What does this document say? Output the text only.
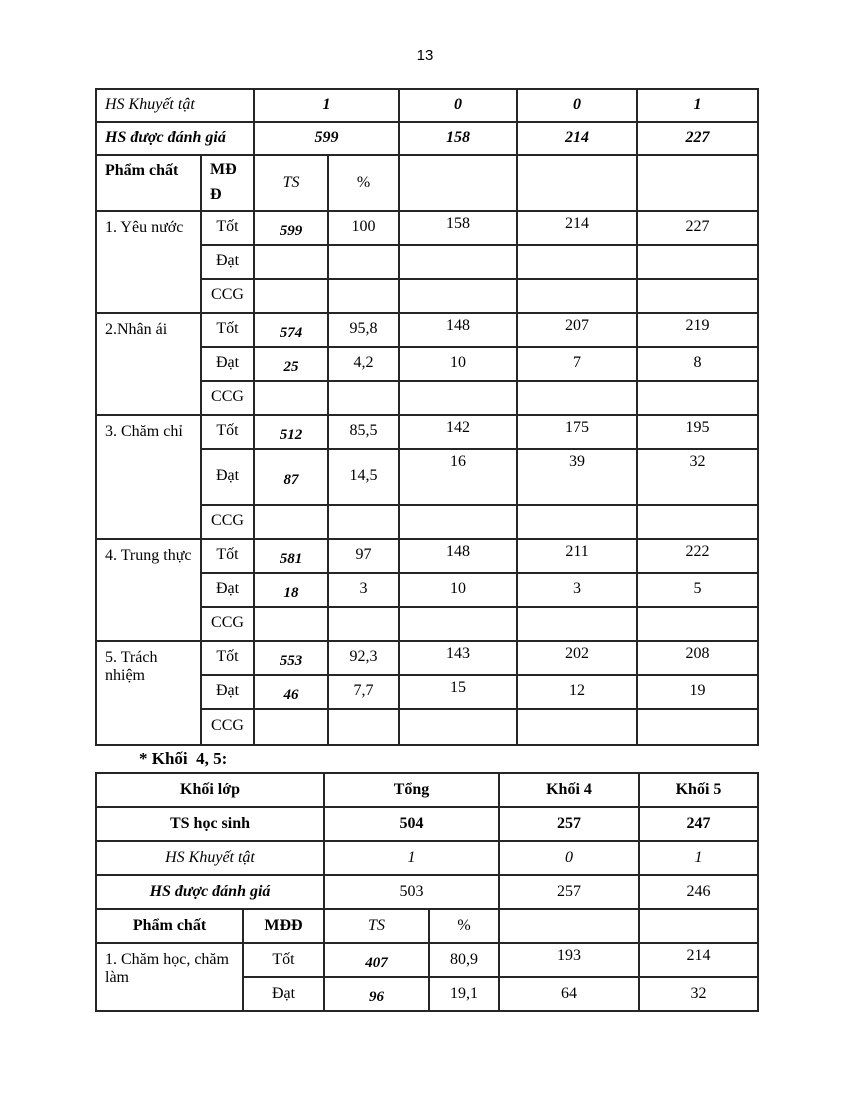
13
HS Khuyết tật		1		0	0	1
HS được đánh giá		599		158	214	227
Phẩm chất	MĐĐ	TS	%			
1. Yêu nước	Tốt	599	100	158	214	227
	Đạt					
	CCG					
2.Nhân ái	Tốt	574	95,8	148	207	219
	Đạt	25	4,2	10	7	8
	CCG					
3. Chăm chỉ	Tốt	512	85,5	142	175	195
	Đạt	87	14,5	16	39	32
	CCG					
4. Trung thực	Tốt	581	97	148	211	222
	Đạt	18	3	10	3	5
	CCG					
5. Trách nhiệm	Tốt	553	92,3	143	202	208
	Đạt	46	7,7	15	12	19
	CCG					
* Khối  4, 5:
Khối lớp		Tổng		Khối 4	Khối 5
TS học sinh		504		257	247
HS Khuyết tật		1		0	1
HS được đánh giá		503		257	246
Phẩm chất	MĐĐ	TS	%		
1. Chăm học, chăm làm	Tốt	407	80,9	193	214
	Đạt	96	19,1	64	32
